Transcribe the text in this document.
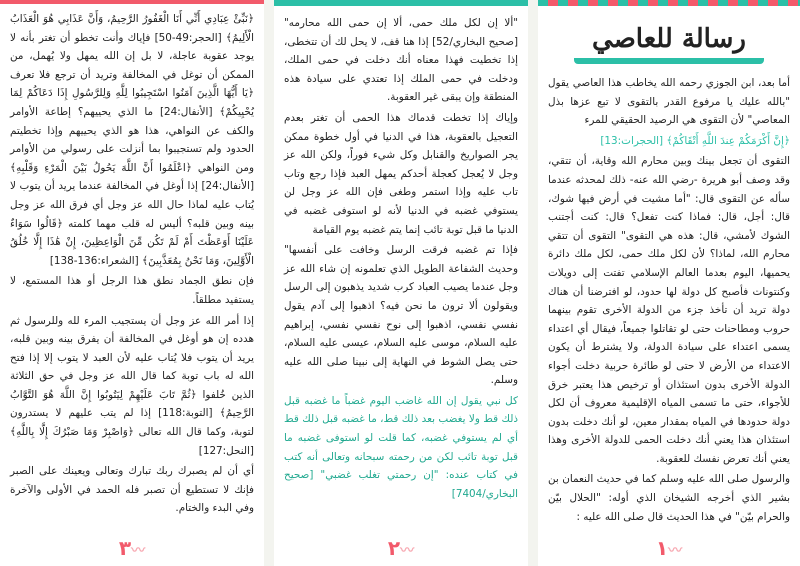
رسالة للعاصي

أما بعد، ابن الجوزي رحمه الله يخاطب هذا العاصي يقول "بالله عليك يا مرفوع القدر بالتقوى لا تبع عزها بذل المعاصي" لأن التقوى هي الرصيد الحقيقي للمرء

﴿إِنَّ أَكْرَمَكُمْ عِندَ اللَّهِ أَتْقَاكُمْ﴾ [الحجرات:13]

التقوى أن تجعل بينك وبين محارم الله وقاية، أن تتقي، وقد وصف أبو هريرة -رضي الله عنه- ذلك لمحدثه عندما سأله عن التقوى قال: "أما مشيت في أرض فيها شوك، قال: أجل، قال: فماذا كنت تفعل؟ قال: كنت أجتنب الشوك لأمشي، قال: هذه هي التقوى" التقوى أن تتقي محارم الله، لماذا؟ لأن لكل ملك حمى، لكل ملك دائرة يحميها، اليوم بعدما العالم الإسلامي تفتت إلى دويلات وكنتونات فأصبح كل دولة لها حدود، لو افترضنا أن هناك دولة تريد أن تأخذ جزء من الدولة الأخرى تقوم بينهما حروب ومطاحنات حتى لو تقاتلوا جميعاً، فيقال أي اعتداء يسمى اعتداء على سيادة الدولة، ولا يشترط أن يكون الاعتداء من الأرض لا حتى لو طائرة حربية دخلت أجواء الدولة الأخرى بدون استئذان أو ترخيص هذا يعتبر خرق للأجواء، حتى ما تسمى المياه الإقليمية معروف أن لكل دولة حدودها في المياه بمقدار معين، لو أنك دخلت بدون استئذان هذا يعني أنك دخلت الحمى للدولة الأخرى وهذا يعني أنك تعرض نفسك للعقوبة.

والرسول صلى الله عليه وسلم كما في حديث النعمان بن بشير الذي أخرجه الشيخان الذي أوله: "الحلال بيّن والحرام بيّن" في هذا الحديث قال صلى الله عليه :

〰١

"ألا إن لكل ملك حمى، ألا إن حمى الله محارمه" [صحيح البخاري/52] إذا هنا قف، لا يحل لك أن تتخطى، إذا تخطيت فهذا معناه أنك دخلت في حمى الملك، ودخلت في حمى الملك إذا تعتدي على سيادة هذه المنطقة وإن يبقى غير العقوبة.

وإياك إذا تخطت قدماك هذا الحمى أن تغتر بعدم التعجيل بالعقوبة، هذا في الدنيا في أول خطوة ممكن يجر الصواريخ والقنابل وكل شيء فوراً، ولكن الله عز وجل لا يُعجل كعجلة أحدكم يمهل العبد فإذا رجع وتاب تاب عليه وإذا استمر وطغى فإن الله عز وجل لن يستوفي غضبه في الدنيا لأنه لو استوفى غضبه في الدنيا ما قبل توبة تائب إنما يتم غضبه يوم القيامة

فإذا تم غضبه فرقت الرسل وخافت على أنفسها" وحديث الشفاعة الطويل الذي تعلمونه إن شاء الله عز وجل عندما يصيب العباد كرب شديد يذهبون إلى الرسل ويقولون ألا ترون ما نحن فيه؟ اذهبوا إلى آدم يقول نفسي نفسي، اذهبوا إلى نوح نفسي نفسي، إبراهيم عليه السلام، موسى عليه السلام، عيسى عليه السلام، حتى يصل الشوط في النهاية إلى نبينا صلى الله عليه وسلم.

كل نبي يقول إن الله غاضب اليوم غضباً ما غضبه قبل ذلك قط ولا يغضب بعد ذلك قط، ما غضبه قبل ذلك قط أي لم يستوفي غضبه، كما قلت لو استوفى غضبه ما قبل توبة تائب لكن من رحمته سبحانه وتعالى أنه كتب في كتاب عنده: "إن رحمتي تغلب غضبي" [صحيح البخاري/7404]

〰٢

﴿نَبِّئْ عِبَادِي أَنِّي أَنَا الْغَفُورُ الرَّحِيمُ، وَأَنَّ عَذَابِي هُوَ الْعَذَابُ الْأَلِيمُ﴾ [الحجر:49-50] فإياك وأنت تخطو أن تغتر بأنه لا يوجد عقوبة عاجلة، لا بل إن الله يمهل ولا يُهمل، من الممكن أن توغل في المخالفة وتريد أن ترجع فلا تعرف ﴿يَا أَيُّهَا الَّذِينَ آمَنُوا اسْتَجِيبُوا لِلَّهِ وَلِلرَّسُولِ إِذَا دَعَاكُمْ لِمَا يُحْيِيكُمْ﴾ [الأنفال:24] ما الذي يحييهم؟ إطاعة الأوامر والكف عن النواهي، هذا هو الذي يحييهم وإذا تخطيتم الحدود ولم تستجيبوا بما أنزلت على رسولي من الأوامر ومن النواهي ﴿اعْلَمُوا أَنَّ اللَّهَ يَحُولُ بَيْنَ الْمَرْءِ وَقَلْبِهِ﴾ [الأنفال:24] إذا أوغل في المخالفة عندما يريد أن يتوب لا يُتاب عليه لماذا حال الله عز وجل أي فرق الله عز وجل بينه وبين قلبه؟ أليس له قلب مهما كلمته ﴿قَالُوا سَوَاءٌ عَلَيْنَا أَوَعَظْتَ أَمْ لَمْ تَكُن مِّنَ الْوَاعِظِينَ، إِنْ هَٰذَا إِلَّا خُلُقُ الْأَوَّلِينَ، وَمَا نَحْنُ بِمُعَذَّبِينَ﴾ [الشعراء:136-138]

فإن نطق الجماد نطق هذا الرجل أو هذا المستمع، لا يستفيد مطلقاً.

إذا أمر الله عز وجل أن يستجيب المرء لله وللرسول ثم هدده إن هو أوغل في المخالفة أن يفرق بينه وبين قلبه، يريد أن يتوب فلا يُتاب عليه لأن العبد لا يتوب إلا إذا فتح الله له باب توبة كما قال الله عز وجل في حق الثلاثة الذين خُلفوا ﴿ثُمَّ تَابَ عَلَيْهِمْ لِيَتُوبُوا إِنَّ اللَّهَ هُوَ التَّوَّابُ الرَّحِيمُ﴾ [التوبة:118] إذا لم يتب عليهم لا يستدرون لتوبة، وكما قال الله تعالى ﴿وَاصْبِرْ وَمَا صَبْرُكَ إِلَّا بِاللَّهِ﴾ [النحل:127]

أي أن لم يصبرك ربك تبارك وتعالى ويعينك على الصبر فإنك لا تستطيع أن تصبر فله الحمد في الأولى والآخرة وفي البدء والختام.

〰٣
